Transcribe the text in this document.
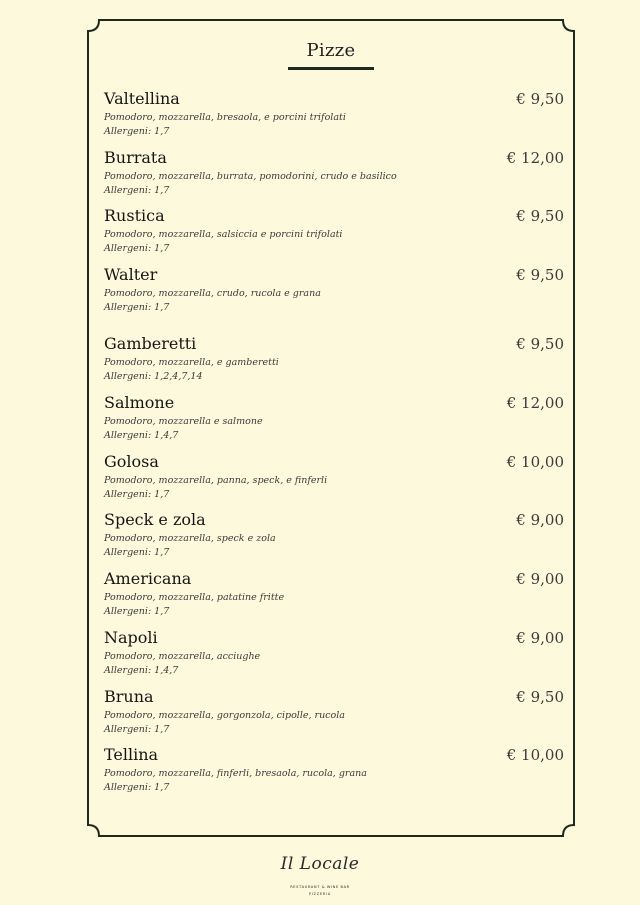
Pizze
Valtellina	€ 9,50
Pomodoro, mozzarella, bresaola, e porcini trifolati
Allergeni: 1,7
Burrata	€ 12,00
Pomodoro, mozzarella, burrata, pomodorini, crudo e basilico
Allergeni: 1,7
Rustica	€ 9,50
Pomodoro, mozzarella, salsiccia e porcini trifolati
Allergeni: 1,7
Walter	€ 9,50
Pomodoro, mozzarella, crudo, rucola e grana
Allergeni: 1,7
Gamberetti	€ 9,50
Pomodoro, mozzarella, e gamberetti
Allergeni: 1,2,4,7,14
Salmone	€ 12,00
Pomodoro, mozzarella e salmone
Allergeni: 1,4,7
Golosa	€ 10,00
Pomodoro, mozzarella, panna, speck, e finferli
Allergeni: 1,7
Speck e zola	€ 9,00
Pomodoro, mozzarella, speck e zola
Allergeni: 1,7
Americana	€ 9,00
Pomodoro, mozzarella, patatine fritte
Allergeni: 1,7
Napoli	€ 9,00
Pomodoro, mozzarella, acciughe
Allergeni: 1,4,7
Bruna	€ 9,50
Pomodoro, mozzarella, gorgonzola, cipolle, rucola
Allergeni: 1,7
Tellina	€ 10,00
Pomodoro, mozzarella, finferli, bresaola, rucola, grana
Allergeni: 1,7
Il Locale
RESTAURANT & WINE BAR
PIZZERIA
